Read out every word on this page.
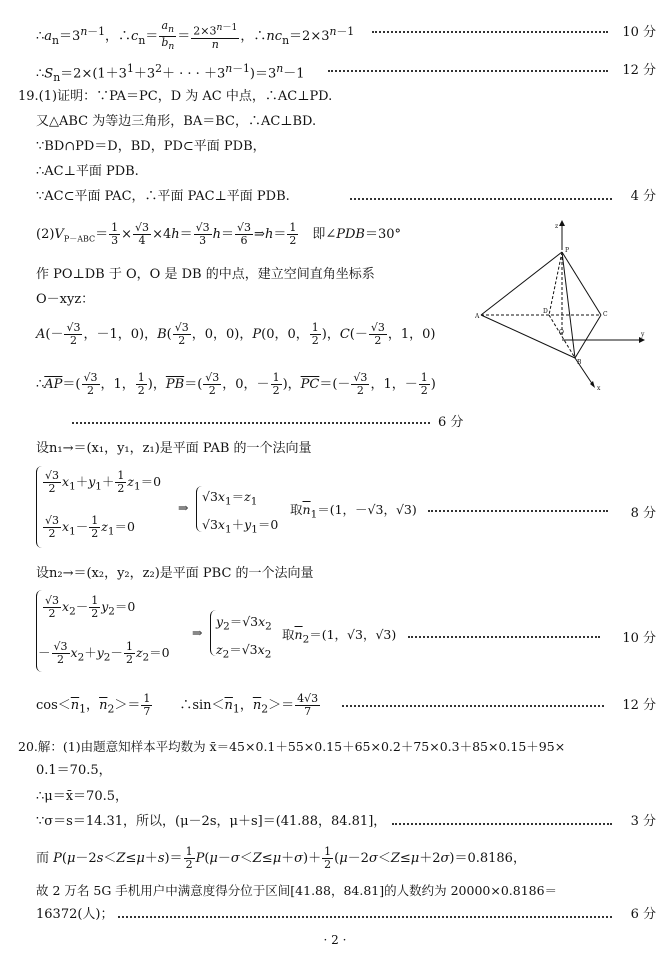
$\therefore a_n=3^{n-1}$，$\therefore c_n= \frac{a_n}{b_n} = \frac{2\times 3^{n-1}}{n}$ ，$\therefore nc_n=2\times 3^{n-1}$	10 分
$\therefore S_n=2\times(1+3^1+3^2+$ · · · $+3^{n-1})=3^n-1$	12 分
19.(1)证明：∵PA＝PC，D 为 AC 中点，∴AC⊥PD.
又△ABC 为等边三角形，BA＝BC，∴AC⊥BD.
∵BD∩PD＝D，BD，PD⊂平面 PDB，
∴AC⊥平面 PDB.
∵AC⊂平面 PAC，∴平面 PAC⊥平面 PDB.	4 分
$(2)V_{P-ABC}= \frac{1}{3} \times \frac{√3}{4} \times 4h= \frac{√3}{3} h= \frac{√3}{6}$ ⇒h＝ $\frac{1}{2}$ 　即∠PDB＝30°
作 PO⊥DB 于 O，O 是 DB 的中点，建立空间直角坐标系
O－xyz：
$A(- \frac{√3}{2}$ ，－1，0)，$B( \frac{√3}{2}$ ，0，0)，P(0，0， $\frac{1}{2}$ )，$C(- \frac{√3}{2}$ ，1，0)
$\therefore\overline{AP}=( \frac{√3}{2}$ ，1， $\frac{1}{2}$ )，$\overline{PB}=( \frac{√3}{2}$ ，0，－ $\frac{1}{2}$ )，$\overline{PC}=(- \frac{√3}{2}$ ，1，－ $\frac{1}{2}$ )
6 分
设n₁→＝(x₁，y₁，z₁)是平面 PAB 的一个法向量
$\frac{√3}{2} x_1+y_1+ \frac{1}{2} z_1=0$
$\frac{√3}{2} x_1- \frac{1}{2} z_1=0$
⇒
$√3x_1=z_1$
$√3x_1+y_1=0$
取$\overline{n}_1=(1$，－√3，√3)	8 分
设n₂→＝(x₂，y₂，z₂)是平面 PBC 的一个法向量
$\frac{√3}{2} x_2- \frac{1}{2} y_2=0$
－ $\frac{√3}{2} x_2+y_2- \frac{1}{2} z_2=0$
⇒
$y_2=√3x_2$
$z_2=√3x_2$
取$\overline{n}_2=(1$，√3，√3)	10 分
$\cos<\overline{n}_1$，$\overline{n}_2>= \frac{1}{7}$ 　　$\therefore\sin<\overline{n}_1$，$\overline{n}_2>= \frac{4√3}{7}$	12 分
20.解：(1)由题意知样本平均数为 x̄＝45×0.1＋55×0.15＋65×0.2＋75×0.3＋85×0.15＋95×
0.1＝70.5，
∴μ＝x̄＝70.5，
∵σ＝s＝14.31，所以，(μ－2s，μ＋s]＝(41.88，84.81]，	3 分
而 $P(\mu-2s<Z\le\mu+s)= \frac{1}{2} P(\mu-\sigma<Z\le\mu+\sigma)+ \frac{1}{2} (\mu-2\sigma<Z\le\mu+2\sigma)=0.8186$，
故 2 万名 5G 手机用户中满意度得分位于区间[41.88，84.81]的人数约为 20000×0.8186＝
16372(人)；	6 分
z
P
A
D
O
C
B
x
y
· 2 ·
